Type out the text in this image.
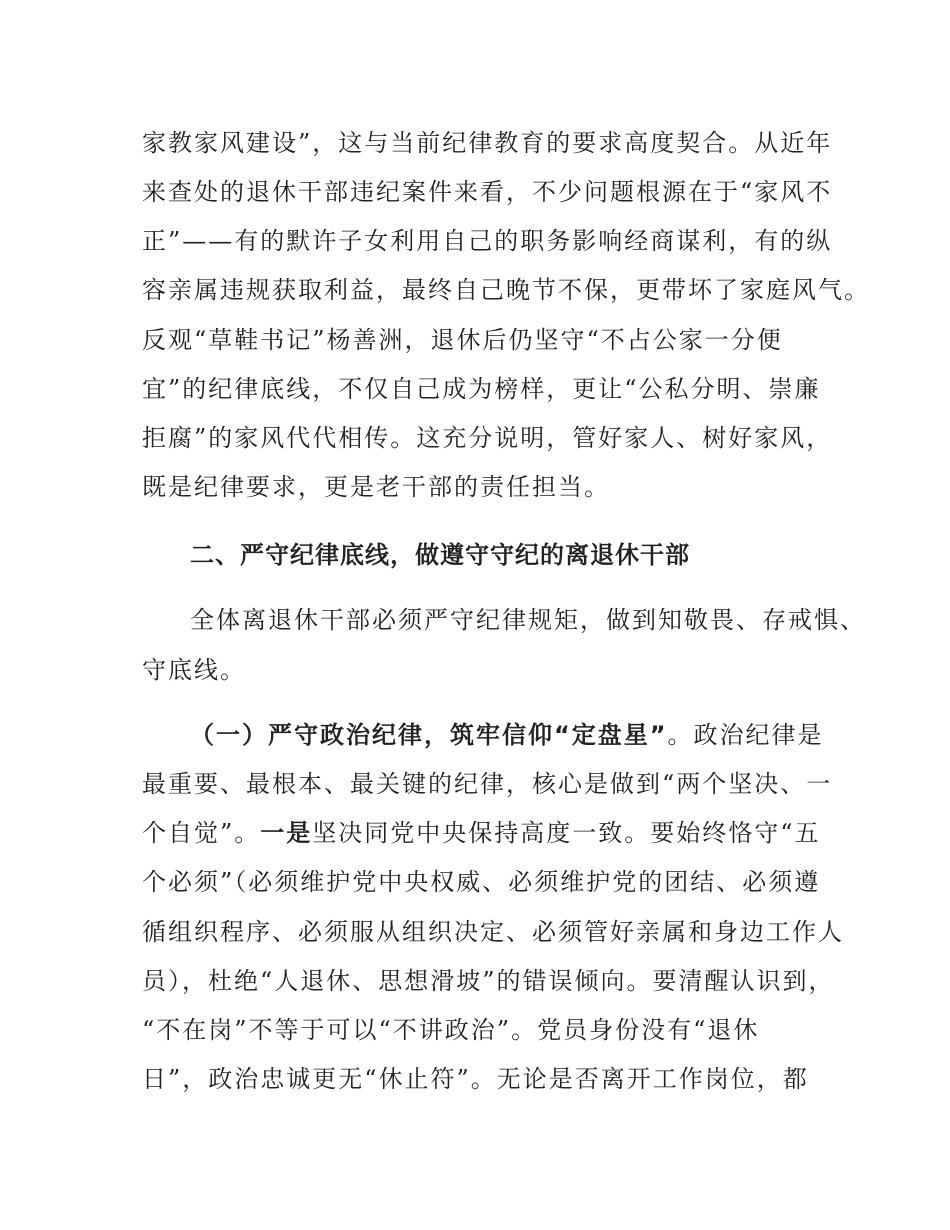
家教家风建设”，这与当前纪律教育的要求高度契合。从近年
来查处的退休干部违纪案件来看，不少问题根源在于“家风不
正”——有的默许子女利用自己的职务影响经商谋利，有的纵
容亲属违规获取利益，最终自己晚节不保，更带坏了家庭风气。
反观“草鞋书记”杨善洲，退休后仍坚守“不占公家一分便
宜”的纪律底线，不仅自己成为榜样，更让“公私分明、崇廉
拒腐”的家风代代相传。这充分说明，管好家人、树好家风，
既是纪律要求，更是老干部的责任担当。
二、严守纪律底线，做遵守守纪的离退休干部
全体离退休干部必须严守纪律规矩，做到知敬畏、存戒惧、
守底线。
（一）严守政治纪律，筑牢信仰“定盘星”。政治纪律是
最重要、最根本、最关键的纪律，核心是做到“两个坚决、一
个自觉”。一是坚决同党中央保持高度一致。要始终恪守“五
个必须”（必须维护党中央权威、必须维护党的团结、必须遵
循组织程序、必须服从组织决定、必须管好亲属和身边工作人
员），杜绝“人退休、思想滑坡”的错误倾向。要清醒认识到，
“不在岗”不等于可以“不讲政治”。党员身份没有“退休
日”，政治忠诚更无“休止符”。无论是否离开工作岗位，都
